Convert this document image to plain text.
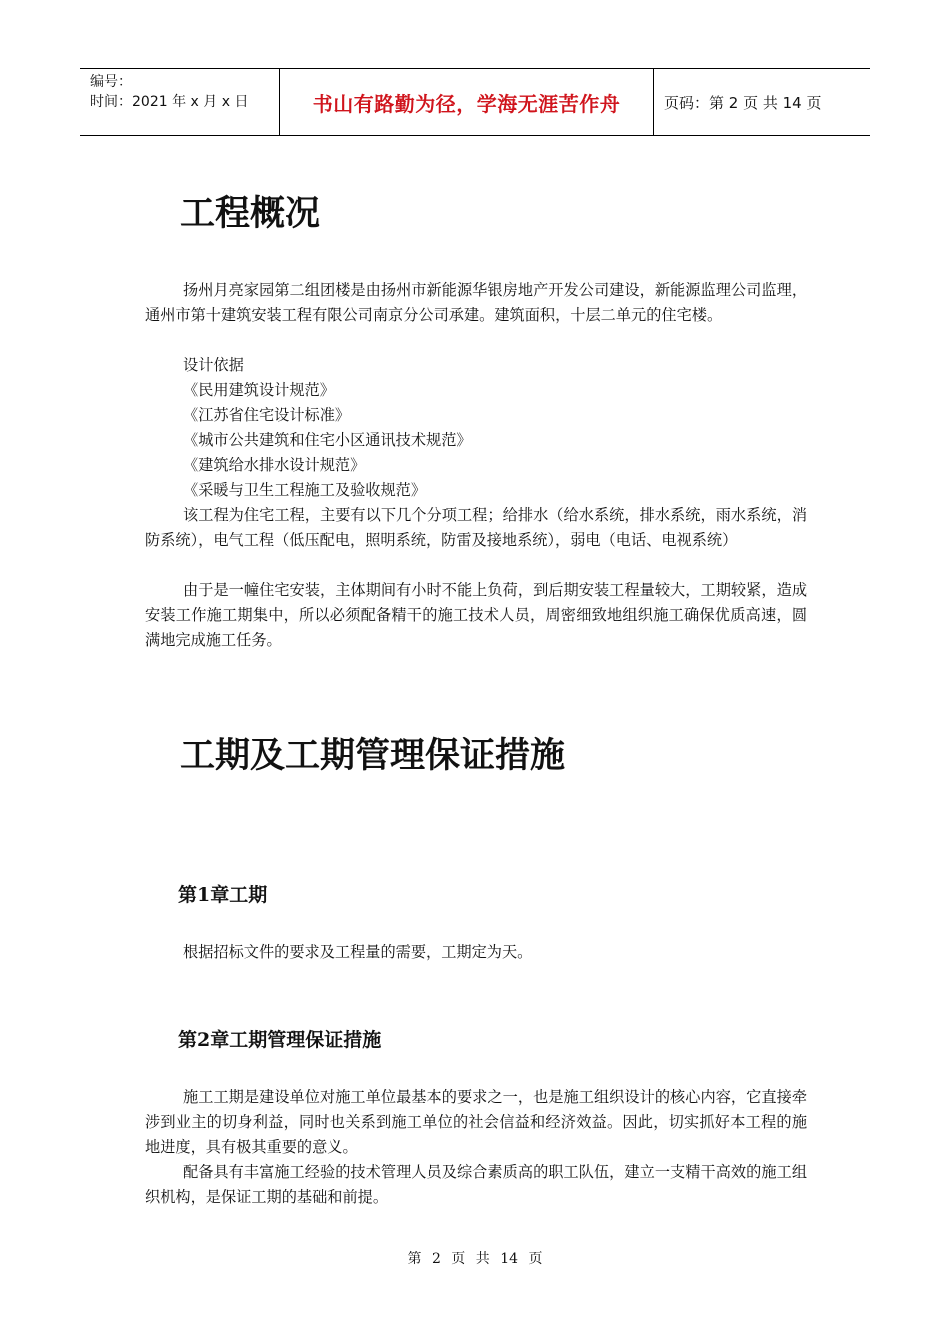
编号：
时间：2021 年 x 月 x 日	书山有路勤为径，学海无涯苦作舟	页码：第 2 页 共 14 页
工程概况

扬州月亮家园第二组团楼是由扬州市新能源华银房地产开发公司建设，新能源监理公司监理，通州市第十建筑安装工程有限公司南京分公司承建。建筑面积，十层二单元的住宅楼。

设计依据

《民用建筑设计规范》

《江苏省住宅设计标准》

《城市公共建筑和住宅小区通讯技术规范》

《建筑给水排水设计规范》

《采暖与卫生工程施工及验收规范》

该工程为住宅工程，主要有以下几个分项工程；给排水（给水系统，排水系统，雨水系统，消防系统），电气工程（低压配电，照明系统，防雷及接地系统），弱电（电话、电视系统）

由于是一幢住宅安装，主体期间有小时不能上负荷，到后期安装工程量较大，工期较紧，造成安装工作施工期集中，所以必须配备精干的施工技术人员，周密细致地组织施工确保优质高速，圆满地完成施工任务。

工期及工期管理保证措施
第1章工期

根据招标文件的要求及工程量的需要，工期定为天。

第2章工期管理保证措施

施工工期是建设单位对施工单位最基本的要求之一，也是施工组织设计的核心内容，它直接牵涉到业主的切身利益，同时也关系到施工单位的社会信益和经济效益。因此，切实抓好本工程的施地进度，具有极其重要的意义。

配备具有丰富施工经验的技术管理人员及综合素质高的职工队伍，建立一支精干高效的施工组织机构，是保证工期的基础和前提。

第 2 页 共 14 页
